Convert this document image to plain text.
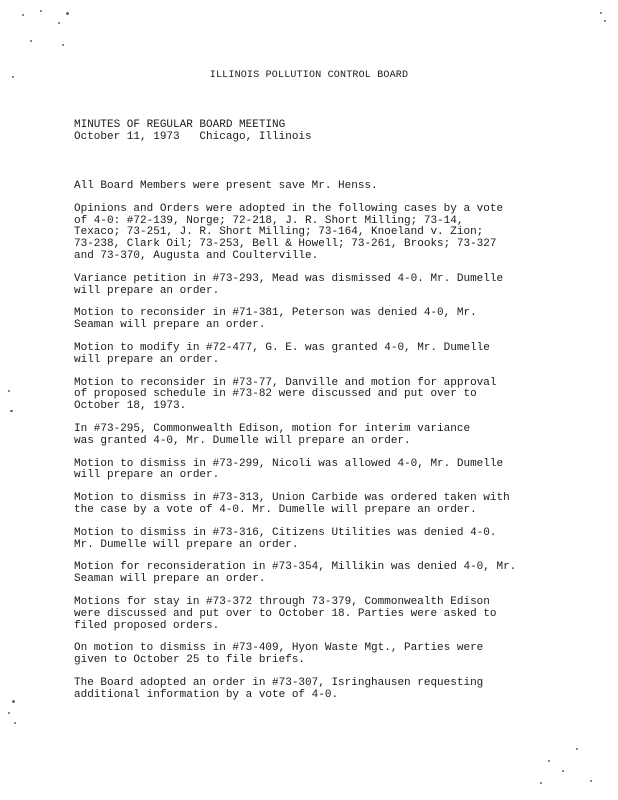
ILLINOIS POLLUTION CONTROL BOARD
MINUTES OF REGULAR BOARD MEETING
October 11, 1973   Chicago, Illinois

All Board Members were present save Mr. Henss.

Opinions and Orders were adopted in the following cases by a vote
of 4-0: #72-139, Norge; 72-218, J. R. Short Milling; 73-14,
Texaco; 73-251, J. R. Short Milling; 73-164, Knoeland v. Zion;
73-238, Clark Oil; 73-253, Bell & Howell; 73-261, Brooks; 73-327
and 73-370, Augusta and Coulterville.

Variance petition in #73-293, Mead was dismissed 4-0. Mr. Dumelle
will prepare an order.

Motion to reconsider in #71-381, Peterson was denied 4-0, Mr.
Seaman will prepare an order.

Motion to modify in #72-477, G. E. was granted 4-0, Mr. Dumelle
will prepare an order.

Motion to reconsider in #73-77, Danville and motion for approval
of proposed schedule in #73-82 were discussed and put over to
October 18, 1973.

In #73-295, Commonwealth Edison, motion for interim variance
was granted 4-0, Mr. Dumelle will prepare an order.

Motion to dismiss in #73-299, Nicoli was allowed 4-0, Mr. Dumelle
will prepare an order.

Motion to dismiss in #73-313, Union Carbide was ordered taken with
the case by a vote of 4-0. Mr. Dumelle will prepare an order.

Motion to dismiss in #73-316, Citizens Utilities was denied 4-0.
Mr. Dumelle will prepare an order.

Motion for reconsideration in #73-354, Millikin was denied 4-0, Mr.
Seaman will prepare an order.

Motions for stay in #73-372 through 73-379, Commonwealth Edison
were discussed and put over to October 18. Parties were asked to
filed proposed orders.

On motion to dismiss in #73-409, Hyon Waste Mgt., Parties were
given to October 25 to file briefs.

The Board adopted an order in #73-307, Isringhausen requesting
additional information by a vote of 4-0.
